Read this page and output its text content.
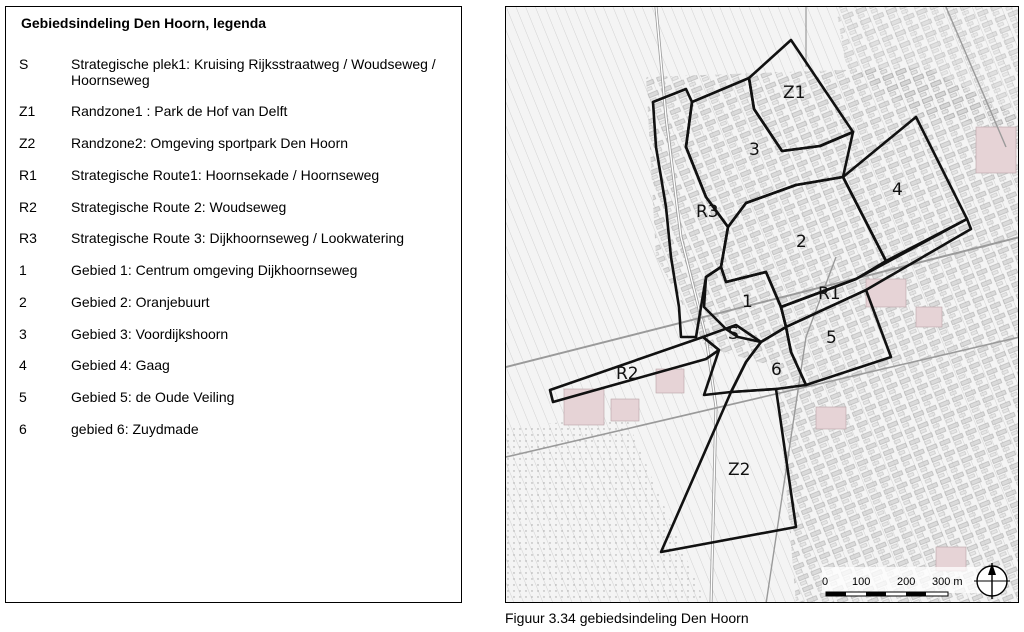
Gebiedsindeling Den Hoorn, legenda
S	Strategische plek1: Kruising Rijksstraatweg / Woudseweg / Hoornseweg
Z1	Randzone1 : Park de Hof van Delft
Z2	Randzone2: Omgeving sportpark Den Hoorn
R1	Strategische Route1: Hoornsekade / Hoornseweg
R2	Strategische Route 2: Woudseweg
R3	Strategische Route 3: Dijkhoornseweg / Lookwatering
1	Gebied 1: Centrum omgeving Dijkhoornseweg
2	Gebied 2: Oranjebuurt
3	Gebied 3: Voordijkshoorn
4	Gebied 4: Gaag
5	Gebied 5: de Oude Veiling
6	gebied 6: Zuydmade
Z1
3
R3
4
2
R1
1
S	5
6
R2
Z2
0 100 200 300 m
Figuur 3.34 gebiedsindeling Den Hoorn
